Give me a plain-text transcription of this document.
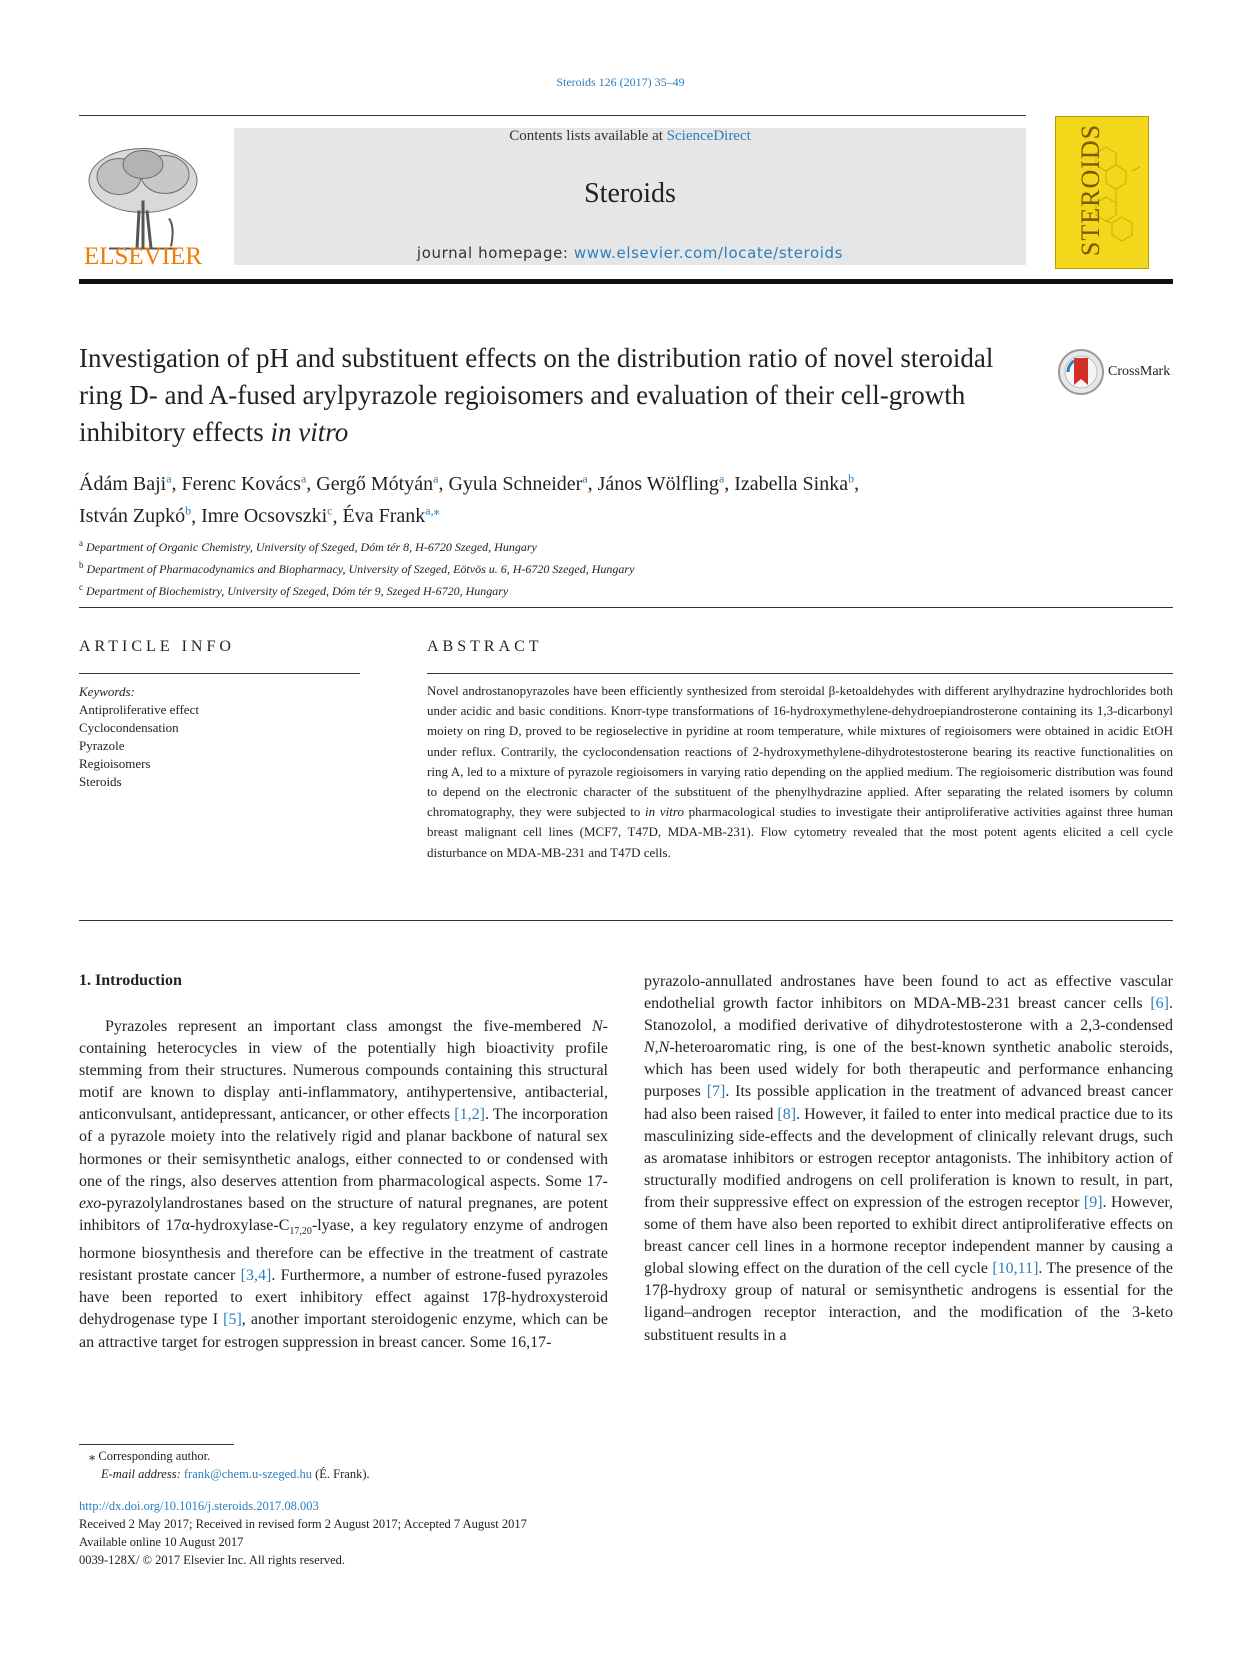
Steroids 126 (2017) 35–49
ELSEVIER
Contents lists available at ScienceDirect
Steroids
journal homepage: www.elsevier.com/locate/steroids	STEROIDS
Investigation of pH and substituent effects on the distribution ratio of novel steroidal ring D- and A-fused arylpyrazole regioisomers and evaluation of their cell-growth inhibitory effects in vitro
CrossMark
Ádám Baji$^a$, Ferenc Kovács$^a$, Gergő Mótyán$^a$, Gyula Schneider$^a$, János Wölfling$^a$, Izabella Sinka$^b$,
István Zupkó$^b$, Imre Ocsovszki$^c$, Éva Frank$^{a,⁎}$
$^a$ Department of Organic Chemistry, University of Szeged, Dóm tér 8, H-6720 Szeged, Hungary
$^b$ Department of Pharmacodynamics and Biopharmacy, University of Szeged, Eötvös u. 6, H-6720 Szeged, Hungary
$^c$ Department of Biochemistry, University of Szeged, Dóm tér 9, Szeged H-6720, Hungary
ARTICLE INFO	ABSTRACT
Keywords:
Antiproliferative effect
Cyclocondensation
Pyrazole
Regioisomers
Steroids
Novel androstanopyrazoles have been efficiently synthesized from steroidal β-ketoaldehydes with different arylhydrazine hydrochlorides both under acidic and basic conditions. Knorr-type transformations of 16-hydroxymethylene-dehydroepiandrosterone containing its 1,3-dicarbonyl moiety on ring D, proved to be regioselective in pyridine at room temperature, while mixtures of regioisomers were obtained in acidic EtOH under reflux. Contrarily, the cyclocondensation reactions of 2-hydroxymethylene-dihydrotestosterone bearing its reactive functionalities on ring A, led to a mixture of pyrazole regioisomers in varying ratio depending on the applied medium. The regioisomeric distribution was found to depend on the electronic character of the substituent of the phenylhydrazine applied. After separating the related isomers by column chromatography, they were subjected to in vitro pharmacological studies to investigate their antiproliferative activities against three human breast malignant cell lines (MCF7, T47D, MDA-MB-231). Flow cytometry revealed that the most potent agents elicited a cell cycle disturbance on MDA-MB-231 and T47D cells.
1. Introduction

Pyrazoles represent an important class amongst the five-membered N-containing heterocycles in view of the potentially high bioactivity profile stemming from their structures. Numerous compounds containing this structural motif are known to display anti-inflammatory, antihypertensive, antibacterial, anticonvulsant, antidepressant, anticancer, or other effects [1,2]. The incorporation of a pyrazole moiety into the relatively rigid and planar backbone of natural sex hormones or their semisynthetic analogs, either connected to or condensed with one of the rings, also deserves attention from pharmacological aspects. Some 17-exo-pyrazolylandrostanes based on the structure of natural pregnanes, are potent inhibitors of $17\alpha-hydroxylase-C_{17,20}$-lyase, a key regulatory enzyme of androgen hormone biosynthesis and therefore can be effective in the treatment of castrate resistant prostate cancer [3,4]. Furthermore, a number of estrone-fused pyrazoles have been reported to exert inhibitory effect against 17β-hydroxysteroid dehydrogenase type I [5], another important steroidogenic enzyme, which can be an attractive target for estrogen suppression in breast cancer. Some 16,17-

pyrazolo-annullated androstanes have been found to act as effective vascular endothelial growth factor inhibitors on MDA-MB-231 breast cancer cells [6]. Stanozolol, a modified derivative of dihydrotestosterone with a 2,3-condensed N,N-heteroaromatic ring, is one of the best-known synthetic anabolic steroids, which has been used widely for both therapeutic and performance enhancing purposes [7]. Its possible application in the treatment of advanced breast cancer had also been raised [8]. However, it failed to enter into medical practice due to its masculinizing side-effects and the development of clinically relevant drugs, such as aromatase inhibitors or estrogen receptor antagonists. The inhibitory action of structurally modified androgens on cell proliferation is known to result, in part, from their suppressive effect on expression of the estrogen receptor [9]. However, some of them have also been reported to exhibit direct antiproliferative effects on breast cancer cell lines in a hormone receptor independent manner by causing a global slowing effect on the duration of the cell cycle [10,11]. The presence of the 17β-hydroxy group of natural or semisynthetic androgens is essential for the ligand–androgen receptor interaction, and the modification of the 3-keto substituent results in a

⁎ Corresponding author.
E-mail address: frank@chem.u-szeged.hu (É. Frank).
http://dx.doi.org/10.1016/j.steroids.2017.08.003
Received 2 May 2017; Received in revised form 2 August 2017; Accepted 7 August 2017
Available online 10 August 2017
0039-128X/ © 2017 Elsevier Inc. All rights reserved.
